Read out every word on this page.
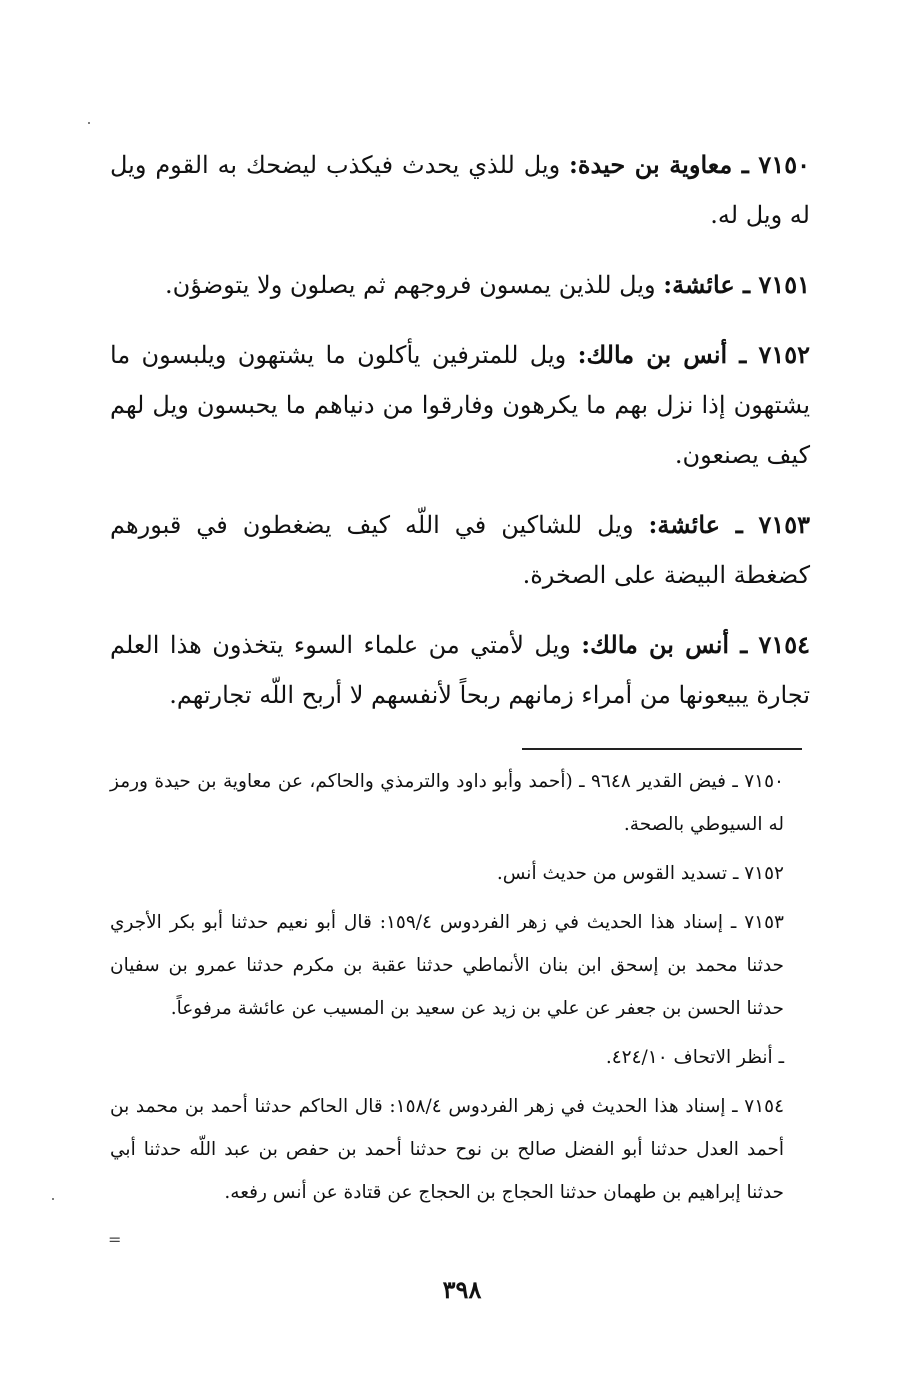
٧١٥٠ ـ معاوية بن حيدة: ويل للذي يحدث فيكذب ليضحك به القوم ويل له ويل له.

٧١٥١ ـ عائشة: ويل للذين يمسون فروجهم ثم يصلون ولا يتوضؤن.

٧١٥٢ ـ أنس بن مالك: ويل للمترفين يأكلون ما يشتهون ويلبسون ما يشتهون إذا نزل بهم ما يكرهون وفارقوا من دنياهم ما يحبسون ويل لهم كيف يصنعون.

٧١٥٣ ـ عائشة: ويل للشاكين في اللّه كيف يضغطون في قبورهم كضغطة البيضة على الصخرة.

٧١٥٤ ـ أنس بن مالك: ويل لأمتي من علماء السوء يتخذون هذا العلم تجارة يبيعونها من أمراء زمانهم ربحاً لأنفسهم لا أربح اللّه تجارتهم.

٧١٥٠ ـ فيض القدير ٩٦٤٨ ـ (أحمد وأبو داود والترمذي والحاكم، عن معاوية بن حيدة ورمز له السيوطي بالصحة.

٧١٥٢ ـ تسديد القوس من حديث أنس.

٧١٥٣ ـ إسناد هذا الحديث في زهر الفردوس ١٥٩/٤: قال أبو نعيم حدثنا أبو بكر الأجري حدثنا محمد بن إسحق ابن بنان الأنماطي حدثنا عقبة بن مكرم حدثنا عمرو بن سفيان حدثنا الحسن بن جعفر عن علي بن زيد عن سعيد بن المسيب عن عائشة مرفوعاً.

ـ أنظر الاتحاف ٤٢٤/١٠.

٧١٥٤ ـ إسناد هذا الحديث في زهر الفردوس ١٥٨/٤: قال الحاكم حدثنا أحمد بن محمد بن أحمد العدل حدثنا أبو الفضل صالح بن نوح حدثنا أحمد بن حفص بن عبد اللّه حدثنا أبي حدثنا إبراهيم بن طهمان حدثنا الحجاج بن الحجاج عن قتادة عن أنس رفعه.

=
٣٩٨
